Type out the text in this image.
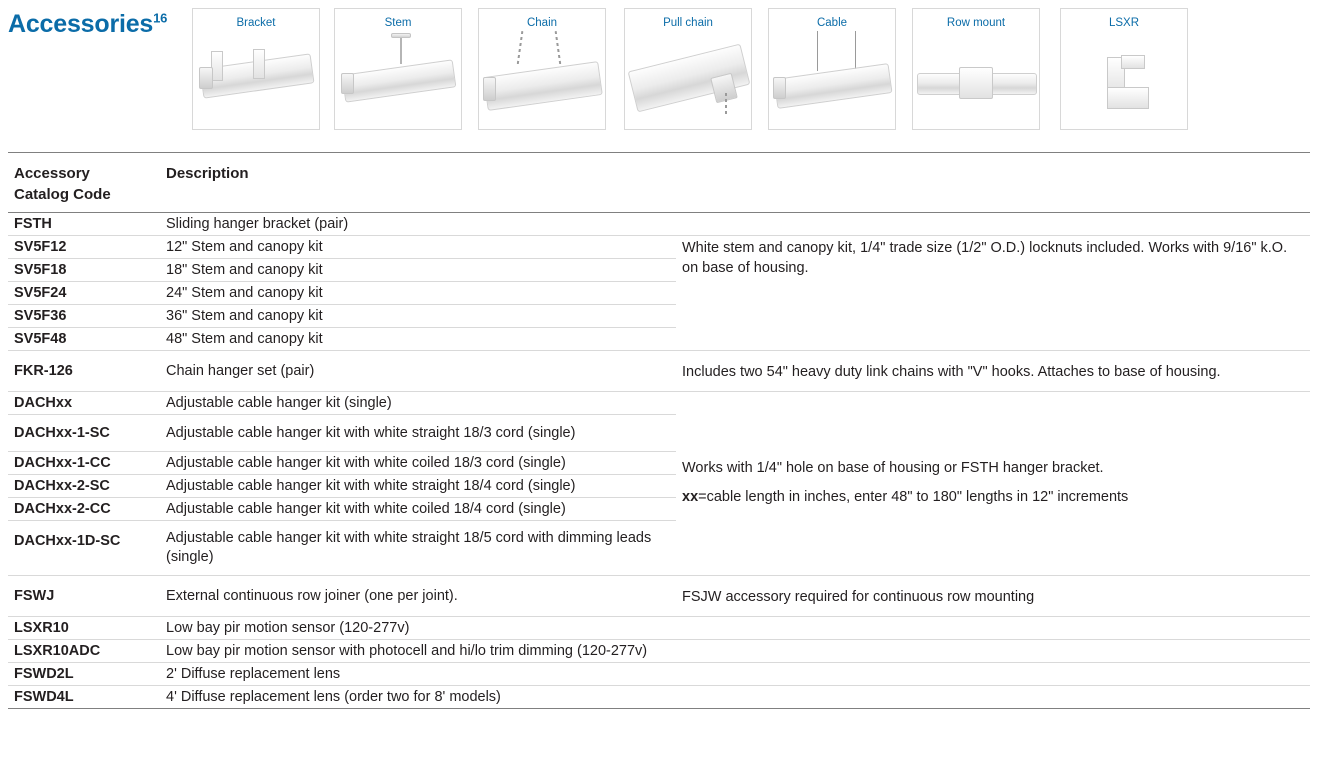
Accessories$^{16}$	Bracket	Stem	Chain	Pull chain	Cable	Row mount	LSXR
Accessory
Catalog Code	Description	
FSTH	Sliding hanger bracket (pair)	
SV5F12	12" Stem and canopy kit	White stem and canopy kit, 1/4" trade size (1/2" O.D.) locknuts included. Works with 9/16" k.O. on base of housing.

SV5F18	18" Stem and canopy kit	
SV5F24	24" Stem and canopy kit	
SV5F36	36" Stem and canopy kit	
SV5F48	48" Stem and canopy kit	
FKR-126	Chain hanger set (pair)	Includes two 54" heavy duty link chains with "V" hooks. Attaches to base of housing.

DACHxx	Adjustable cable hanger kit (single)	Works with 1/4" hole on base of housing or FSTH hanger bracket.

xx=cable length in inches, enter 48" to 180" lengths in 12" increments

DACHxx-1-SC	Adjustable cable hanger kit with white straight 18/3 cord (single)	
DACHxx-1-CC	Adjustable cable hanger kit with white coiled 18/3 cord (single)	
DACHxx-2-SC	Adjustable cable hanger kit with white straight 18/4 cord (single)	
DACHxx-2-CC	Adjustable cable hanger kit with white coiled 18/4 cord (single)	
DACHxx-1D-SC	Adjustable cable hanger kit with white straight 18/5 cord with dimming leads (single)	
FSWJ	External continuous row joiner (one per joint).	FSJW accessory required for continuous row mounting

LSXR10	Low bay pir motion sensor (120-277v)	
LSXR10ADC	Low bay pir motion sensor with photocell and hi/lo trim dimming (120-277v)	
FSWD2L	2' Diffuse replacement lens	
FSWD4L	4' Diffuse replacement lens (order two for 8' models)	
